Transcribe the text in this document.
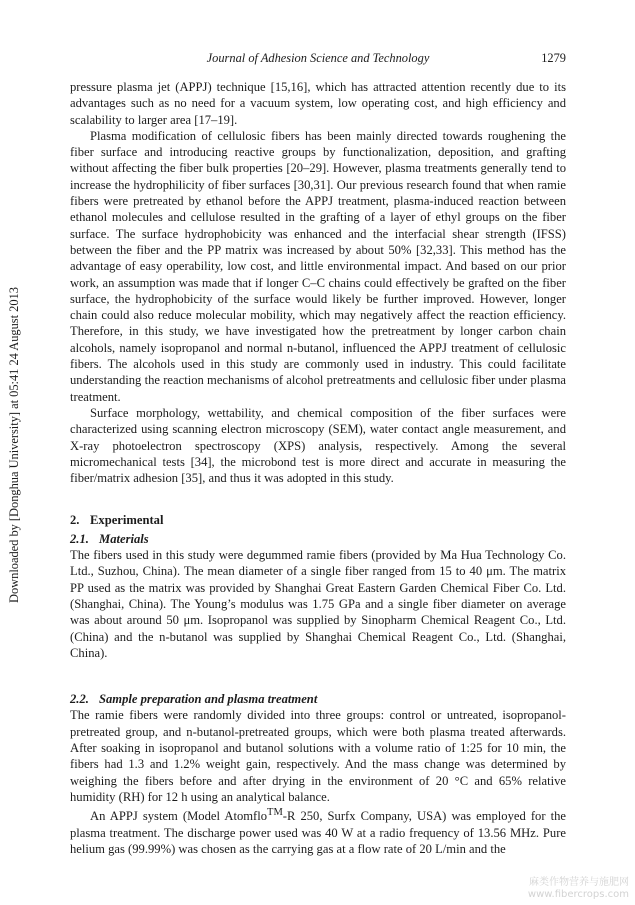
Journal of Adhesion Science and Technology	1279
Downloaded by [Donghua University] at 05:41 24 August 2013

pressure plasma jet (APPJ) technique [15,16], which has attracted attention recently due to its advantages such as no need for a vacuum system, low operating cost, and high efficiency and scalability to larger area [17–19].

Plasma modification of cellulosic fibers has been mainly directed towards roughening the fiber surface and introducing reactive groups by functionalization, deposition, and grafting without affecting the fiber bulk properties [20–29]. However, plasma treatments generally tend to increase the hydrophilicity of fiber surfaces [30,31]. Our previous research found that when ramie fibers were pretreated by ethanol before the APPJ treatment, plasma-induced reaction between ethanol molecules and cellulose resulted in the grafting of a layer of ethyl groups on the fiber surface. The surface hydrophobicity was enhanced and the interfacial shear strength (IFSS) between the fiber and the PP matrix was increased by about 50% [32,33]. This method has the advantage of easy operability, low cost, and little environmental impact. And based on our prior work, an assumption was made that if longer C–C chains could effectively be grafted on the fiber surface, the hydrophobicity of the surface would likely be further improved. However, longer chain could also reduce molecular mobility, which may negatively affect the reaction efficiency. Therefore, in this study, we have investigated how the pretreatment by longer carbon chain alcohols, namely isopropanol and normal n-butanol, influenced the APPJ treatment of cellulosic fibers. The alcohols used in this study are commonly used in industry. This could facilitate understanding the reaction mechanisms of alcohol pretreatments and cellulosic fiber under plasma treatment.

Surface morphology, wettability, and chemical composition of the fiber surfaces were characterized using scanning electron microscopy (SEM), water contact angle measurement, and X-ray photoelectron spectroscopy (XPS) analysis, respectively. Among the several micromechanical tests [34], the microbond test is more direct and accurate in measuring the fiber/matrix adhesion [35], and thus it was adopted in this study.

2. Experimental

2.1. Materials

The fibers used in this study were degummed ramie fibers (provided by Ma Hua Technology Co. Ltd., Suzhou, China). The mean diameter of a single fiber ranged from 15 to 40 μm. The matrix PP used as the matrix was provided by Shanghai Great Eastern Garden Chemical Fiber Co. Ltd. (Shanghai, China). The Young’s modulus was 1.75 GPa and a single fiber diameter on average was about around 50 μm. Isopropanol was supplied by Sinopharm Chemical Reagent Co., Ltd. (China) and the n-butanol was supplied by Shanghai Chemical Reagent Co., Ltd. (Shanghai, China).

2.2. Sample preparation and plasma treatment

The ramie fibers were randomly divided into three groups: control or untreated, isopropanol-pretreated group, and n-butanol-pretreated groups, which were both plasma treated afterwards. After soaking in isopropanol and butanol solutions with a volume ratio of 1:25 for 10 min, the fibers had 1.3 and 1.2% weight gain, respectively. And the mass change was determined by weighing the fibers before and after drying in the environment of 20 °C and 65% relative humidity (RH) for 12 h using an analytical balance.

An APPJ system (Model Atomflo™-R 250, Surfx Company, USA) was employed for the plasma treatment. The discharge power used was 40 W at a radio frequency of 13.56 MHz. Pure helium gas (99.99%) was chosen as the carrying gas at a flow rate of 20 L/min and the

麻类作物营养与施肥网
www.fibercrops.com
